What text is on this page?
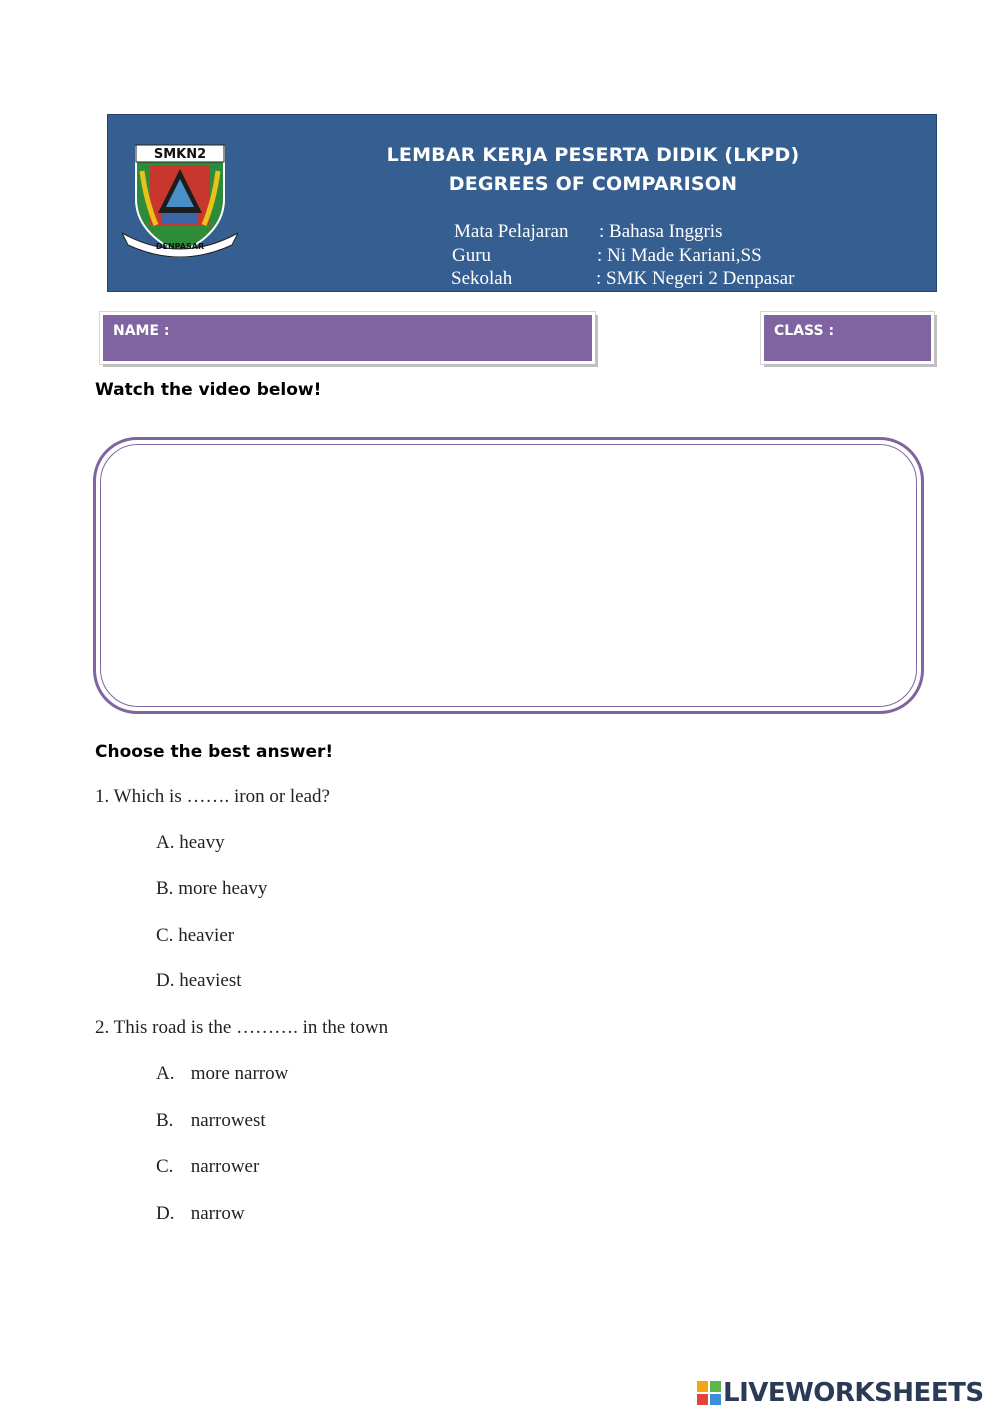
SMKN2
DENPASAR
LEMBAR KERJA PESERTA DIDIK (LKPD)
DEGREES OF COMPARISON
Mata Pelajaran : Bahasa Inggris
Guru	: Ni Made Kariani,SS
Sekolah	: SMK Negeri 2 Denpasar
NAME :	CLASS :
Watch the video below!
Choose the best answer!
1. Which is ……. iron or lead?
A. heavy
B. more heavy
C. heavier
D. heaviest
2. This road is the ………. in the town
A. more narrow
B. narrowest
C. narrower
D. narrow
LIVEWORKSHEETS
